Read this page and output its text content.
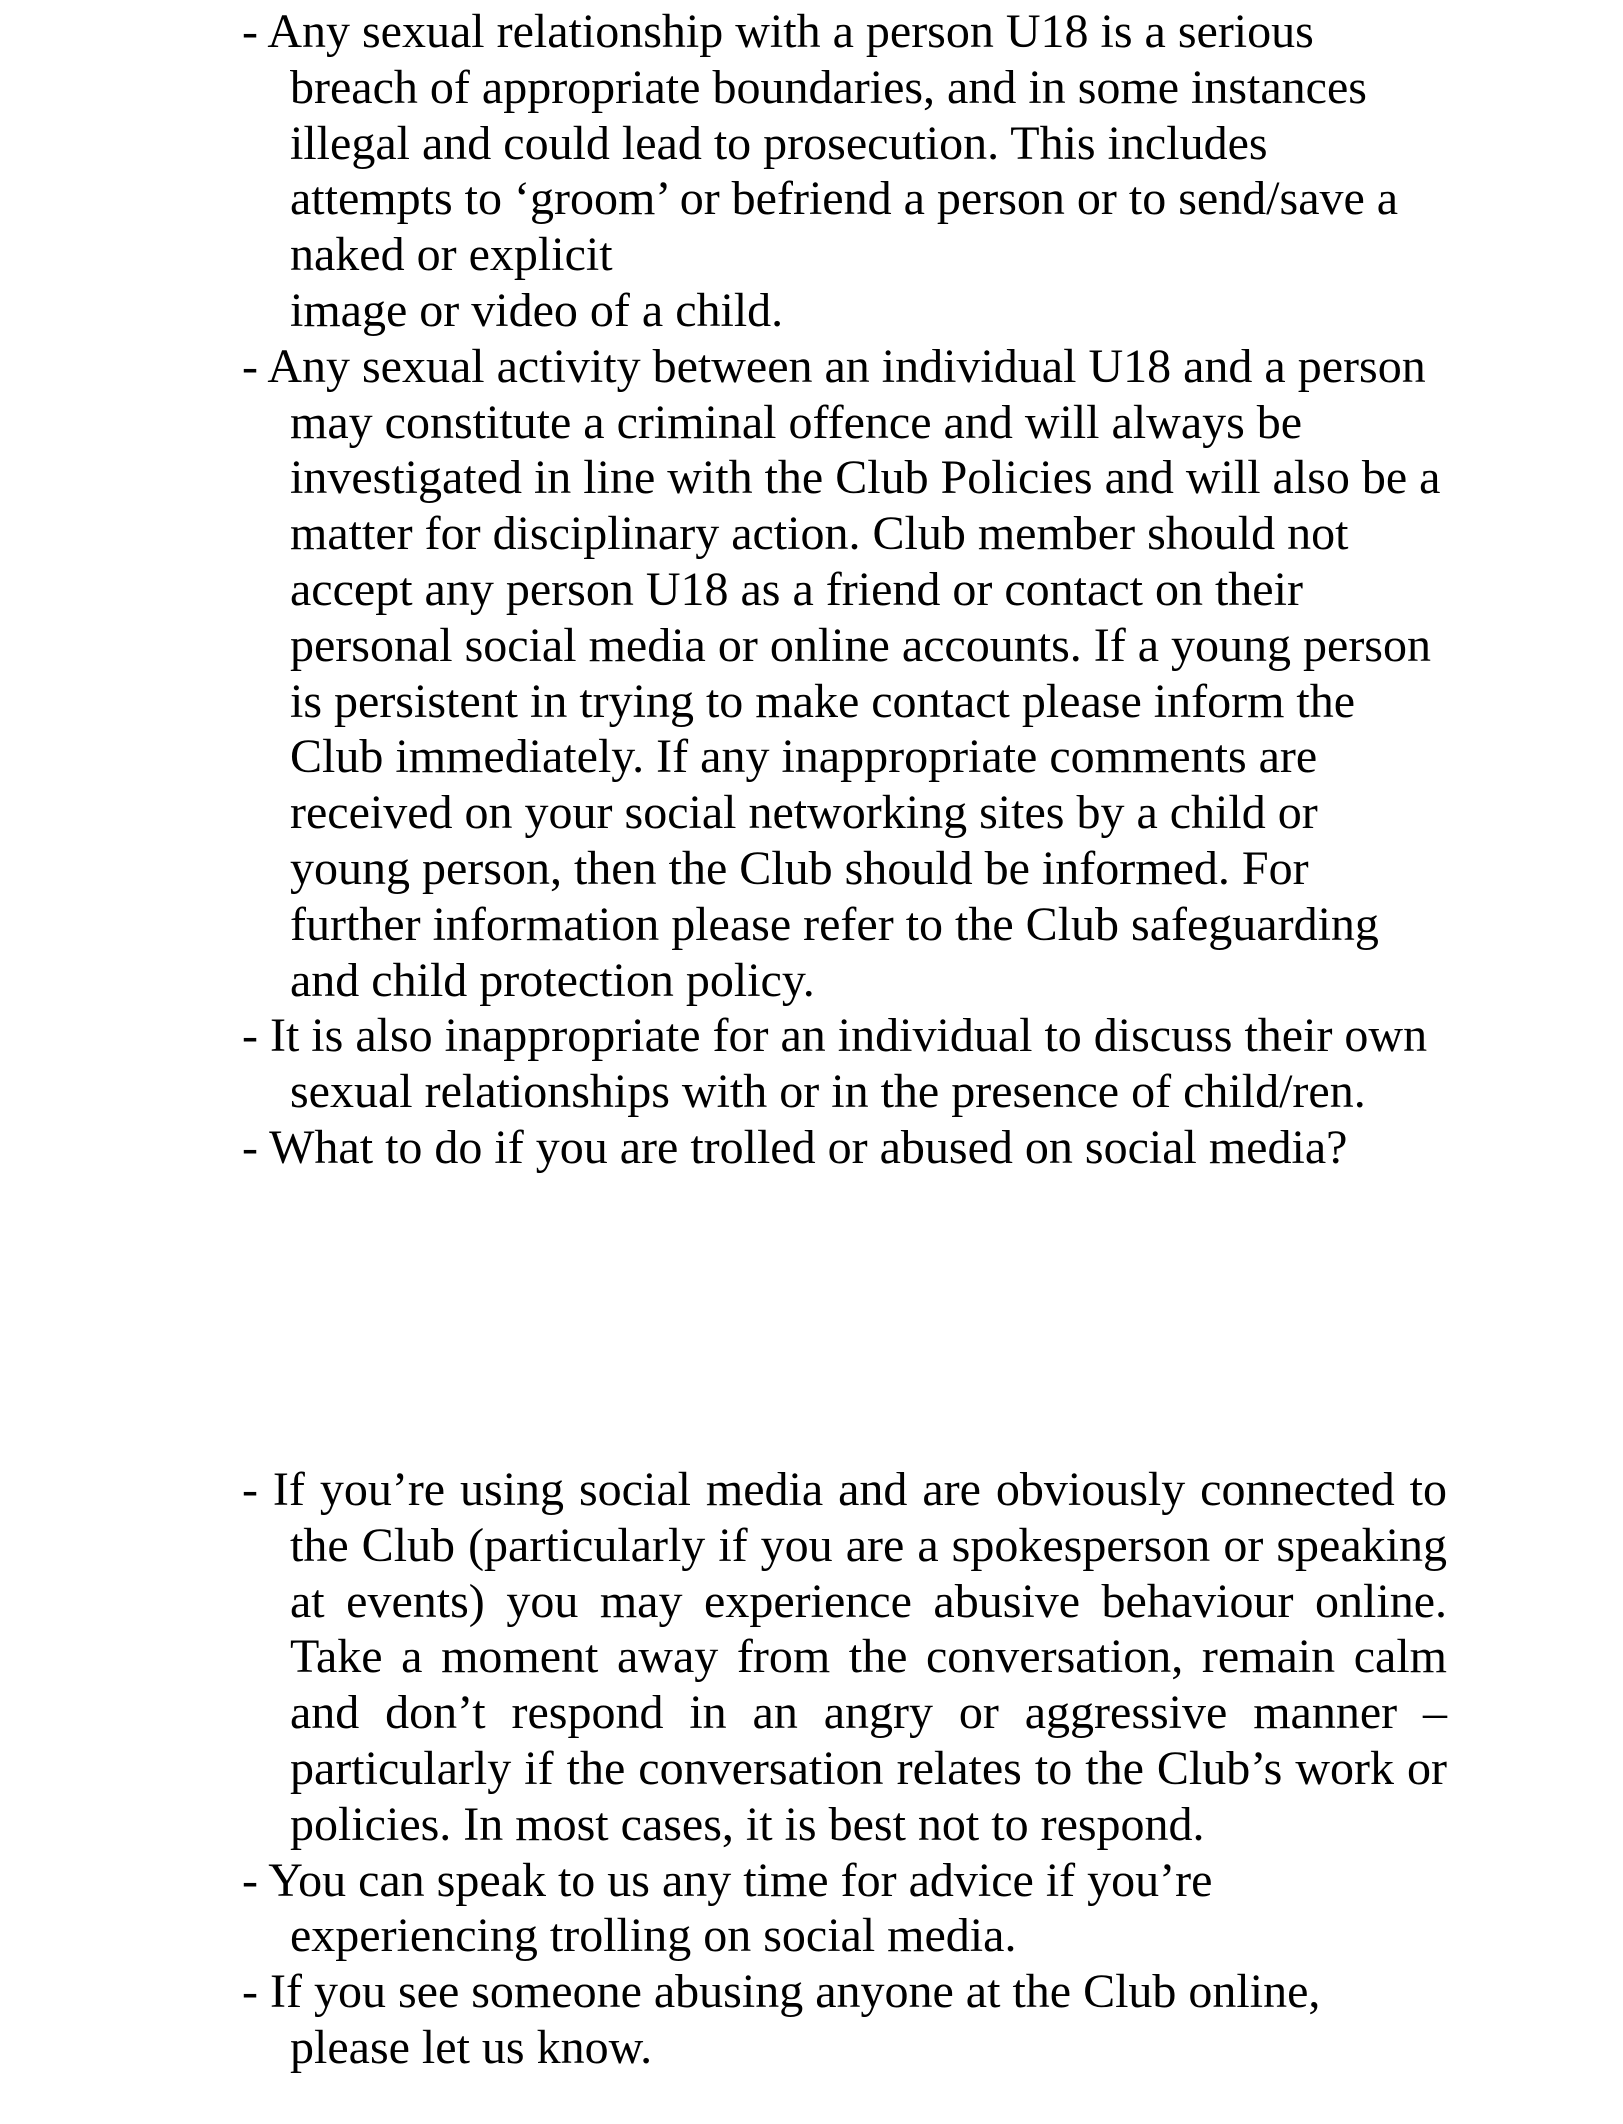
- Any sexual relationship with a person U18 is a serious
breach of appropriate boundaries, and in some instances
illegal and could lead to prosecution. This includes
attempts to ‘groom’ or befriend a person or to send/save a
naked or explicit
image or video of a child.
- Any sexual activity between an individual U18 and a person
may constitute a criminal offence and will always be
investigated in line with the Club Policies and will also be a
matter for disciplinary action. Club member should not
accept any person U18 as a friend or contact on their
personal social media or online accounts. If a young person
is persistent in trying to make contact please inform the
Club immediately. If any inappropriate comments are
received on your social networking sites by a child or
young person, then the Club should be informed. For
further information please refer to the Club safeguarding
and child protection policy.
- It is also inappropriate for an individual to discuss their own
sexual relationships with or in the presence of child/ren.
- What to do if you are trolled or abused on social media?
- If you’re using social media and are obviously connected to
the Club (particularly if you are a spokesperson or speaking
at events) you may experience abusive behaviour online.
Take a moment away from the conversation, remain calm
and don’t respond in an angry or aggressive manner –
particularly if the conversation relates to the Club’s work or
policies. In most cases, it is best not to respond.
- You can speak to us any time for advice if you’re
experiencing trolling on social media.
- If you see someone abusing anyone at the Club online,
please let us know.
